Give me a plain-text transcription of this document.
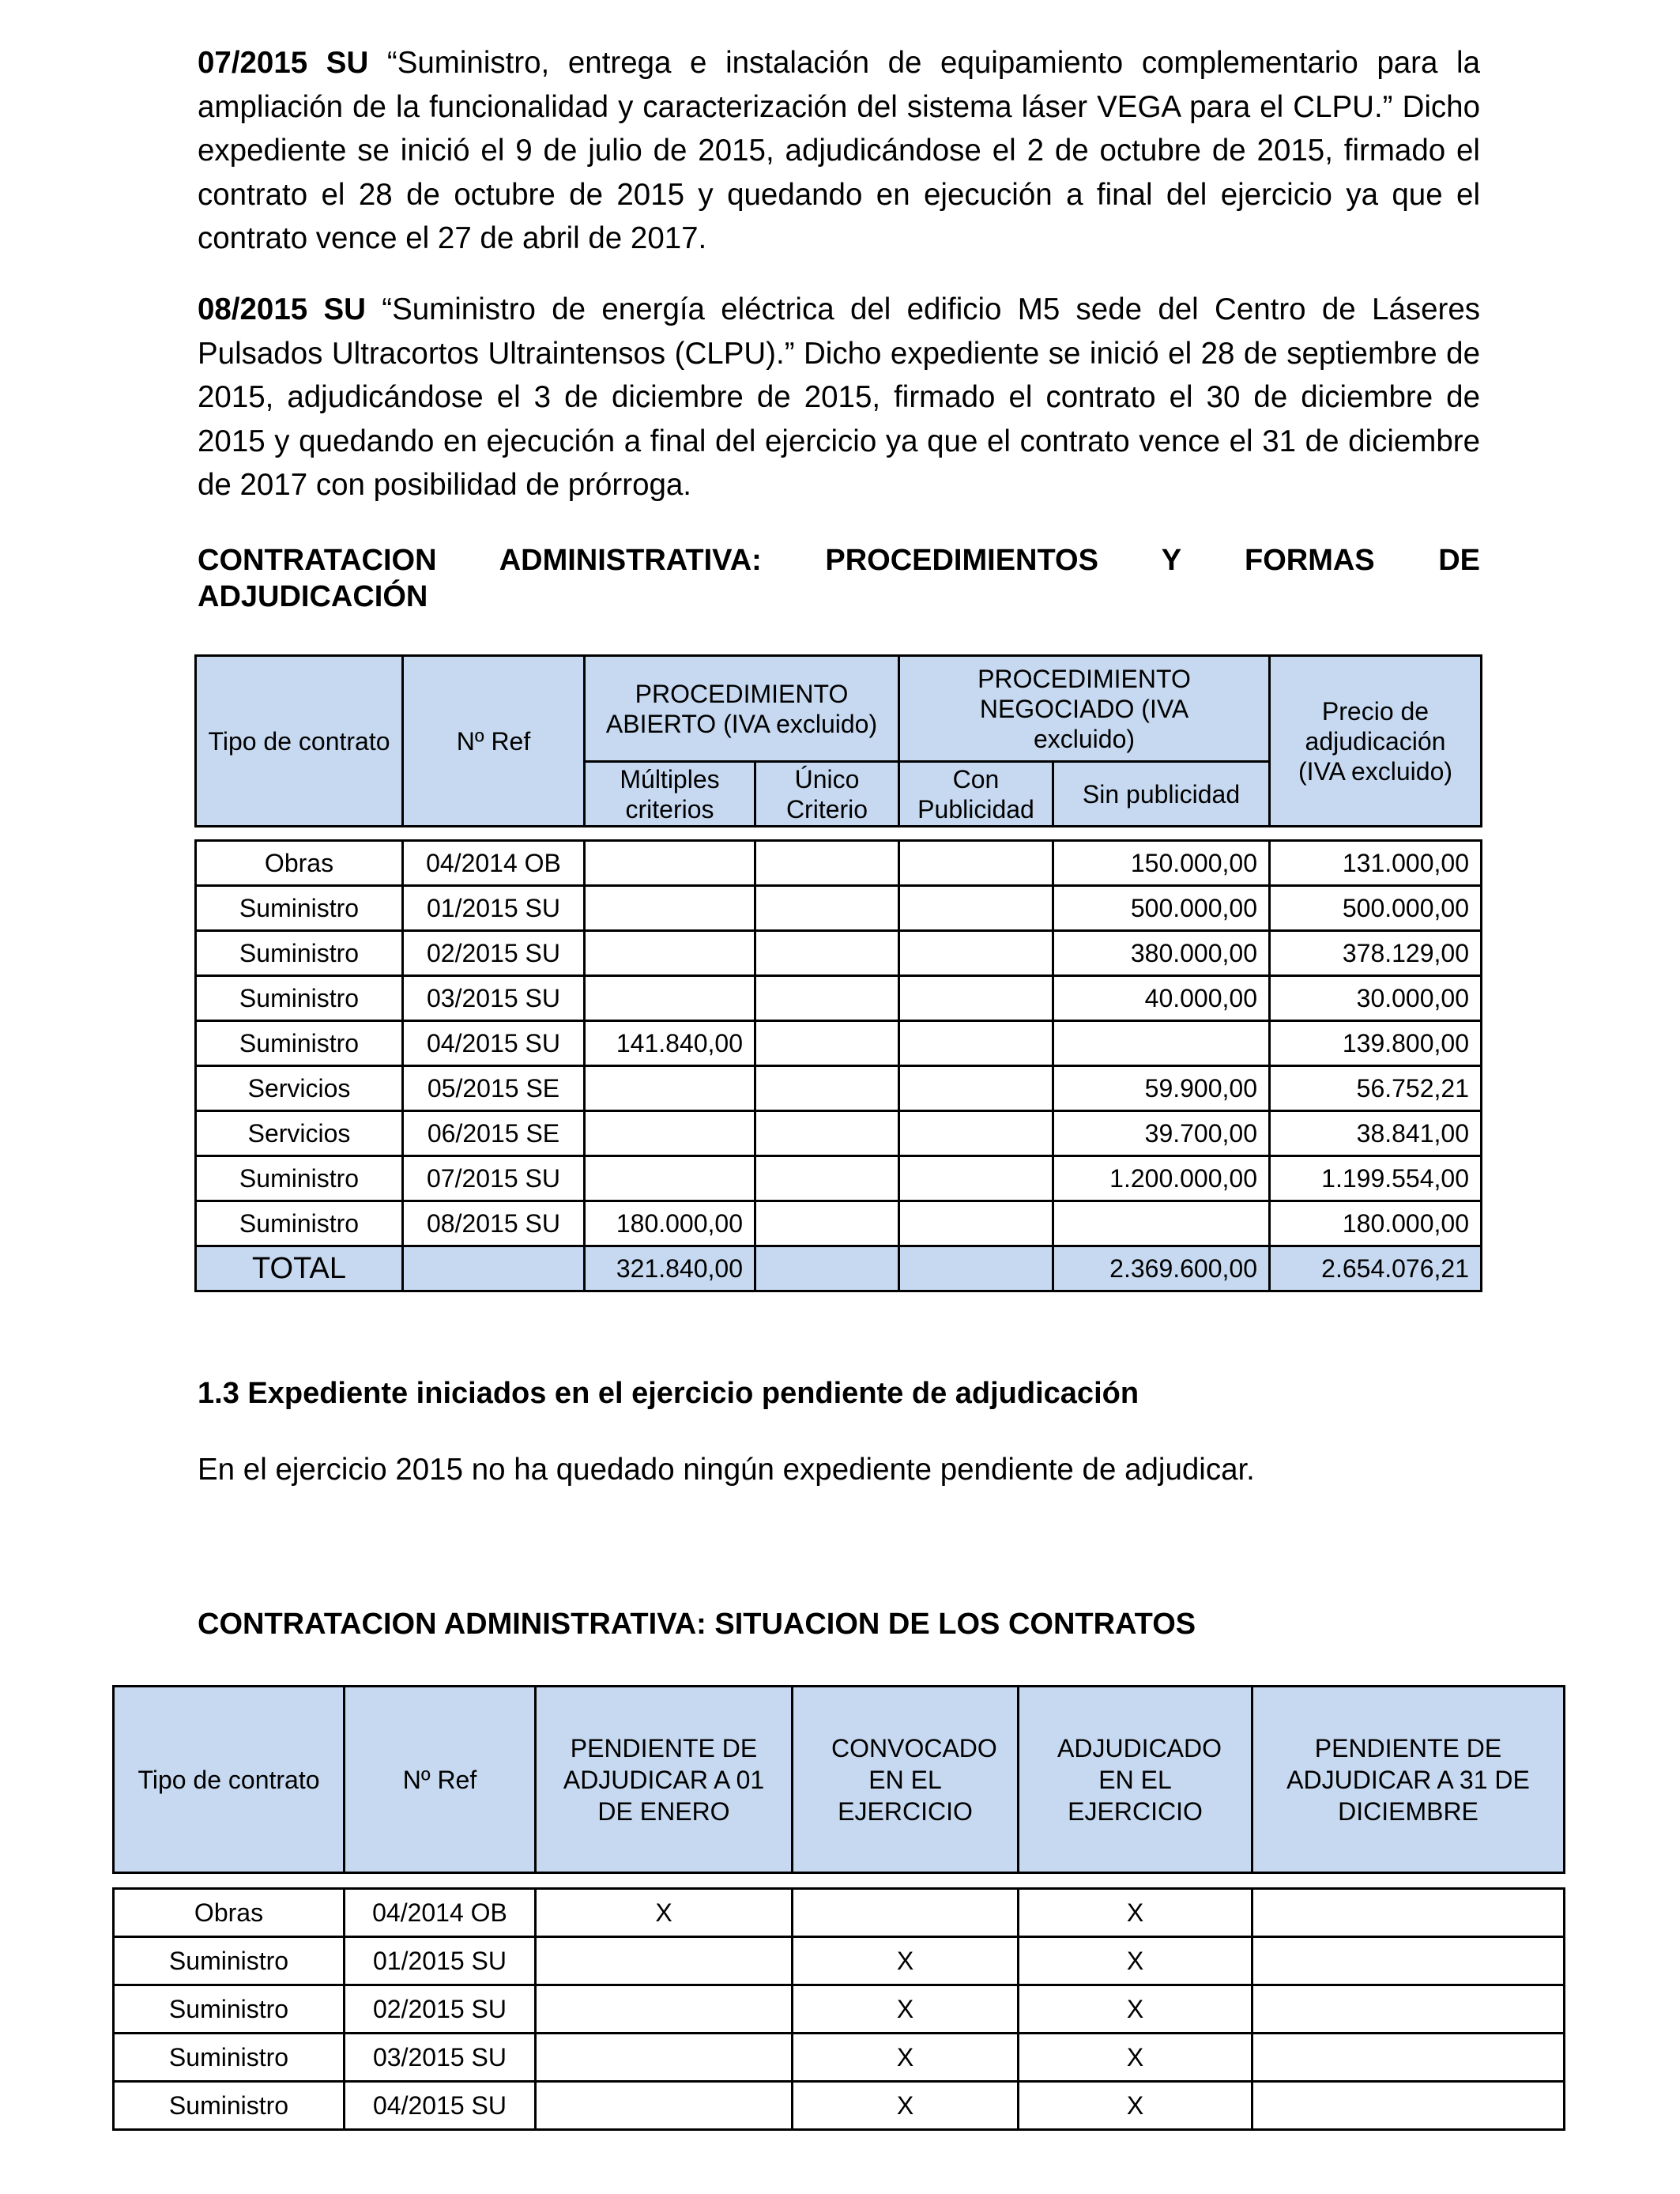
07/2015 SU “Suministro, entrega e instalación de equipamiento complementario para la ampliación de la funcionalidad y caracterización del sistema láser VEGA para el CLPU.” Dicho expediente se inició el 9 de julio de 2015, adjudicándose el 2 de octubre de 2015, firmado el contrato el 28 de octubre de 2015 y quedando en ejecución a final del ejercicio ya que el contrato vence el 27 de abril de 2017.
08/2015 SU “Suministro de energía eléctrica del edificio M5 sede del Centro de Láseres Pulsados Ultracortos Ultraintensos (CLPU).” Dicho expediente se inició el 28 de septiembre de 2015, adjudicándose el 3 de diciembre de 2015, firmado el contrato el 30 de diciembre de 2015 y quedando en ejecución a final del ejercicio ya que el contrato vence el 31 de diciembre de 2017 con posibilidad de prórroga.
CONTRATACION ADMINISTRATIVA: PROCEDIMIENTOS Y FORMAS DE
ADJUDICACIÓN
Tipo de contrato	Nº Ref	PROCEDIMIENTO ABIERTO (IVA excluido)		PROCEDIMIENTO NEGOCIADO (IVA excluido)		Precio de adjudicación (IVA excluido)
		Múltiples criterios	Único Criterio	Con Publicidad	Sin publicidad	
Obras	04/2014 OB				150.000,00	131.000,00
Suministro	01/2015 SU				500.000,00	500.000,00
Suministro	02/2015 SU				380.000,00	378.129,00
Suministro	03/2015 SU				40.000,00	30.000,00
Suministro	04/2015 SU	141.840,00				139.800,00
Servicios	05/2015 SE				59.900,00	56.752,21
Servicios	06/2015 SE				39.700,00	38.841,00
Suministro	07/2015 SU				1.200.000,00	1.199.554,00
Suministro	08/2015 SU	180.000,00				180.000,00
TOTAL		321.840,00			2.369.600,00	2.654.076,21
1.3 Expediente iniciados en el ejercicio pendiente de adjudicación
En el ejercicio 2015 no ha quedado ningún expediente pendiente de adjudicar.
CONTRATACION ADMINISTRATIVA: SITUACION DE LOS CONTRATOS
Tipo de contrato	Nº Ref	PENDIENTE DE ADJUDICAR A 01 DE ENERO	CONVOCADO EN EL EJERCICIO	ADJUDICADO EN EL EJERCICIO	PENDIENTE DE ADJUDICAR A 31 DE DICIEMBRE
Obras	04/2014 OB	X		X	
Suministro	01/2015 SU		X	X	
Suministro	02/2015 SU		X	X	
Suministro	03/2015 SU		X	X	
Suministro	04/2015 SU		X	X	
